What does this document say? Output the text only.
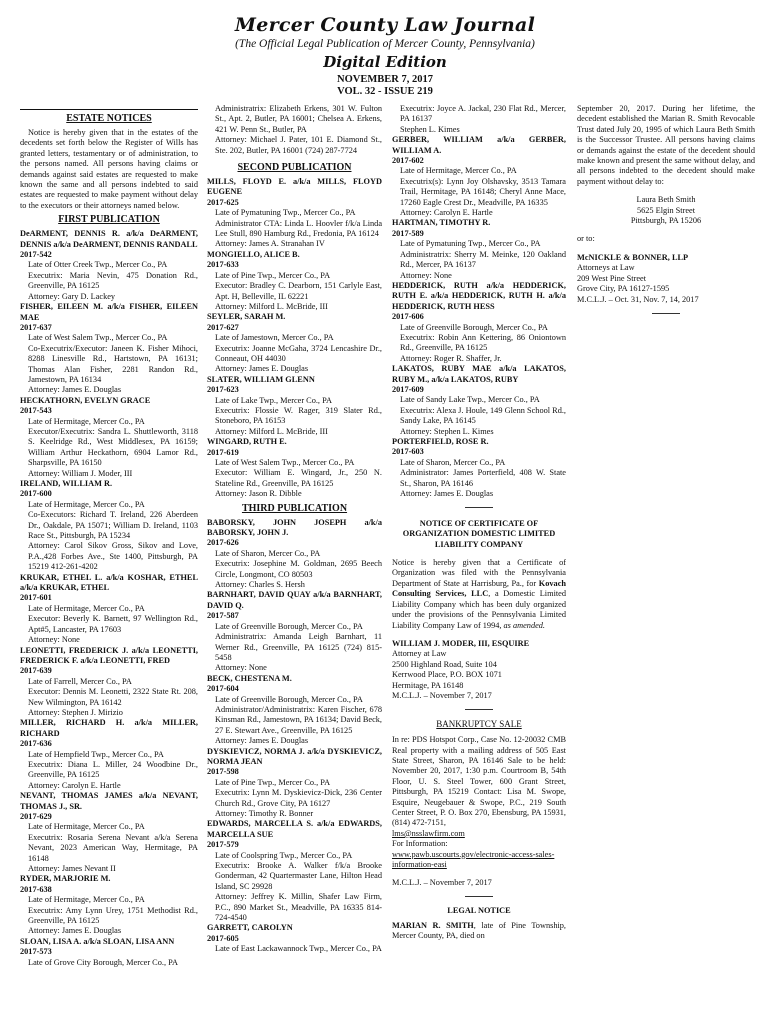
Mercer County Law Journal
(The Official Legal Publication of Mercer County, Pennsylvania)
Digital Edition
NOVEMBER 7, 2017
VOL. 32 - ISSUE 219
ESTATE NOTICES
Notice is hereby given that in the estates of the decedents set forth below the Register of Wills has granted letters, testamentary or of administration, to the persons named. All persons having claims or demands against said estates are requested to make known the same and all persons indebted to said estates are requested to make payment without delay to the executors or their attorneys named below.
FIRST PUBLICATION
DeARMENT, DENNIS R. a/k/a DeARMENT, DENNIS a/k/a DeARMENT, DENNIS RANDALL
2017-542
Late of Otter Creek Twp., Mercer Co., PA
Executrix: Maria Nevin, 475 Donation Rd., Greenville, PA 16125
Attorney: Gary D. Lackey
FISHER, EILEEN M. a/k/a FISHER, EILEEN MAE
2017-637
Late of West Salem Twp., Mercer Co., PA
Co-Executrix/Executor: Janeen K. Fisher Mihoci, 8288 Linesville Rd., Hartstown, PA 16131; Thomas Alan Fisher, 2281 Randon Rd., Jamestown, PA 16134
Attorney: James E. Douglas
HECKATHORN, EVELYN GRACE
2017-543
Late of Hermitage, Mercer Co., PA
Executor/Executrix: Sandra L. Shuttleworth, 3118 S. Keelridge Rd., West Middlesex, PA 16159; William Arthur Heckathorn, 6904 Lamor Rd., Sharpsville, PA 16150
Attorney: William J. Moder, III
IRELAND, WILLIAM R.
2017-600
Late of Hermitage, Mercer Co., PA
Co-Executors: Richard T. Ireland, 226 Aberdeen Dr., Oakdale, PA 15071; William D. Ireland, 1103 Race St., Pittsburgh, PA 15234
Attorney: Carol Sikov Gross, Sikov and Love, P.A.,428 Forbes Ave., Ste 1400, Pittsburgh, PA 15219 412-261-4202
KRUKAR, ETHEL L. a/k/a KOSHAR, ETHEL a/k/a KRUKAR, ETHEL
2017-601
Late of Hermitage, Mercer Co., PA
Executor: Beverly K. Barnett, 97 Wellington Rd., Apt#5, Lancaster, PA 17603
Attorney: None
LEONETTI, FREDERICK J. a/k/a LEONETTI, FREDERICK F. a/k/a LEONETTI, FRED
2017-639
Late of Farrell, Mercer Co., PA
Executor: Dennis M. Leonetti, 2322 State Rt. 208, New Wilmington, PA 16142
Attorney: Stephen J. Mirizio
MILLER, RICHARD H. a/k/a MILLER, RICHARD
2017-636
Late of Hempfield Twp., Mercer Co., PA
Executrix: Diana L. Miller, 24 Woodbine Dr., Greenville, PA 16125
Attorney: Carolyn E. Hartle
NEVANT, THOMAS JAMES a/k/a NEVANT, THOMAS J., SR.
2017-629
Late of Hermitage, Mercer Co., PA
Executrix: Rosaria Serena Nevant a/k/a Serena Nevant, 2023 American Way, Hermitage, PA 16148
Attorney: James Nevant II
RYDER, MARJORIE M.
2017-638
Late of Hermitage, Mercer Co., PA
Executrix: Amy Lynn Urey, 1751 Methodist Rd., Greenville, PA 16125
Attorney: James E. Douglas
SLOAN, LISA A. a/k/a SLOAN, LISA ANN
2017-573
Late of Grove City Borough, Mercer Co., PA
Administratrix: Elizabeth Erkens, 301 W. Fulton St., Apt. 2, Butler, PA 16001; Chelsea A. Erkens, 421 W. Penn St., Butler, PA
Attorney: Michael J. Pater, 101 E. Diamond St., Ste. 202, Butler, PA 16001 (724) 287-7724
SECOND PUBLICATION
MILLS, FLOYD E. a/k/a MILLS, FLOYD EUGENE
2017-625
Late of Pymatuning Twp., Mercer Co., PA
Administrator CTA: Linda L. Hoovler f/k/a Linda Lee Stull, 890 Hamburg Rd., Fredonia, PA 16124
Attorney: James A. Stranahan IV
MONGIELLO, ALICE B.
2017-633
Late of Pine Twp., Mercer Co., PA
Executor: Bradley C. Dearborn, 151 Carlyle East, Apt. H, Belleville, IL 62221
Attorney: Milford L. McBride, III
SEYLER, SARAH M.
2017-627
Late of Jamestown, Mercer Co., PA
Executrix: Joanne McGaha, 3724 Lencashire Dr., Conneaut, OH 44030
Attorney: James E. Douglas
SLATER, WILLIAM GLENN
2017-623
Late of Lake Twp., Mercer Co., PA
Executrix: Flossie W. Rager, 319 Slater Rd., Stoneboro, PA 16153
Attorney: Milford L. McBride, III
WINGARD, RUTH E.
2017-619
Late of West Salem Twp., Mercer Co., PA
Executor: William E. Wingard, Jr., 250 N. Stateline Rd., Greenville, PA 16125
Attorney: Jason R. Dibble
THIRD PUBLICATION
BABORSKY, JOHN JOSEPH a/k/a BABORSKY, JOHN J.
2017-626
Late of Sharon, Mercer Co., PA
Executrix: Josephine M. Goldman, 2695 Beech Circle, Longmont, CO 80503
Attorney: Charles S. Hersh
BARNHART, DAVID QUAY a/k/a BARNHART, DAVID Q.
2017-587
Late of Greenville Borough, Mercer Co., PA
Administratrix: Amanda Leigh Barnhart, 11 Werner Rd., Greenville, PA 16125 (724) 815-5458
Attorney: None
BECK, CHESTENA M.
2017-604
Late of Greenville Borough, Mercer Co., PA
Administrator/Administratrix: Karen Fischer, 678 Kinsman Rd., Jamestown, PA 16134; David Beck, 27 E. Stewart Ave., Greenville, PA 16125
Attorney: James E. Douglas
DYSKIEVICZ, NORMA J. a/k/a DYSKIEVICZ, NORMA JEAN
2017-598
Late of Pine Twp., Mercer Co., PA
Executrix: Lynn M. Dyskievicz-Dick, 236 Center Church Rd., Grove City, PA 16127
Attorney: Timothy R. Bonner
EDWARDS, MARCELLA S. a/k/a EDWARDS, MARCELLA SUE
2017-579
Late of Coolspring Twp., Mercer Co., PA
Executrix: Brooke A. Walker f/k/a Brooke Gonderman, 42 Quartermaster Lane, Hilton Head Island, SC 29928
Attorney: Jeffrey K. Millin, Shafer Law Firm, P.C., 890 Market St., Meadville, PA 16335 814-724-4540
GARRETT, CAROLYN
2017-605
Late of East Lackawannock Twp., Mercer Co., PA
Executrix: Joyce A. Jackal, 230 Flat Rd., Mercer, PA 16137
Stephen L. Kimes
GERBER, WILLIAM a/k/a GERBER, WILLIAM A.
2017-602
Late of Hermitage, Mercer Co., PA
Executrix(s): Lynn Joy Olshavsky, 3513 Tamara Trail, Hermitage, PA 16148; Cheryl Anne Mace, 17260 Eagle Crest Dr., Meadville, PA 16335
Attorney: Carolyn E. Hartle
HARTMAN, TIMOTHY R.
2017-589
Late of Pymatuning Twp., Mercer Co., PA
Administratrix: Sherry M. Meinke, 120 Oakland Rd., Mercer, PA 16137
Attorney: None
HEDDERICK, RUTH a/k/a HEDDERICK, RUTH E. a/k/a HEDDERICK, RUTH H. a/k/a HEDDERICK, RUTH HESS
2017-606
Late of Greenville Borough, Mercer Co., PA
Executrix: Robin Ann Kettering, 86 Oniontown Rd., Greenville, PA 16125
Attorney: Roger R. Shaffer, Jr.
LAKATOS, RUBY MAE a/k/a LAKATOS, RUBY M., a/k/a LAKATOS, RUBY
2017-609
Late of Sandy Lake Twp., Mercer Co., PA
Executrix: Alexa J. Houle, 149 Glenn School Rd., Sandy Lake, PA 16145
Attorney: Stephen L. Kimes
PORTERFIELD, ROSE R.
2017-603
Late of Sharon, Mercer Co., PA
Administrator: James Porterfield, 408 W. State St., Sharon, PA 16146
Attorney: James E. Douglas
NOTICE OF CERTIFICATE OF ORGANIZATION DOMESTIC LIMITED LIABILITY COMPANY
Notice is hereby given that a Certificate of Organization was filed with the Pennsylvania Department of State at Harrisburg, Pa., for Kovach Consulting Services, LLC, a Domestic Limited Liability Company which has been duly organized under the provisions of the Pennsylvania Limited Liability Company Law of 1994, as amended.
WILLIAM J. MODER, III, ESQUIRE
Attorney at Law
2500 Highland Road, Suite 104
Kerrwood Place, P.O. BOX 1071
Hermitage, PA 16148
M.C.L.J. – November 7, 2017
BANKRUPTCY SALE
In re: PDS Hotspot Corp., Case No. 12-20032 CMB Real property with a mailing address of 505 East State Street, Sharon, PA 16146 Sale to be held: November 20, 2017, 1:30 p.m. Courtroom B, 54th Floor, U. S. Steel Tower, 600 Grant Street, Pittsburgh, PA 15219 Contact: Lisa M. Swope, Esquire, Neugebauer & Swope, P.C., 219 South Center Street, P. O. Box 270, Ebensburg, PA 15931, (814) 472-7151,
lms@nsslawfirm.com
For Information:
www.pawb.uscourts.gov/electronic-access-sales-information-easi
M.C.L.J. – November 7, 2017
LEGAL NOTICE
MARIAN R. SMITH, late of Pine Township, Mercer County, PA, died on
September 20, 2017. During her lifetime, the decedent established the Marian R. Smith Revocable Trust dated July 20, 1995 of which Laura Beth Smith is the Successor Trustee. All persons having claims or demands against the estate of the decedent should make known and present the same without delay, and all persons indebted to the decedent should make payment without delay to:
Laura Beth Smith
5625 Elgin Street
Pittsburgh, PA 15206
or to:
McNICKLE & BONNER, LLP
Attorneys at Law
209 West Pine Street
Grove City, PA 16127-1595
M.C.L.J. – Oct. 31, Nov. 7, 14, 2017
